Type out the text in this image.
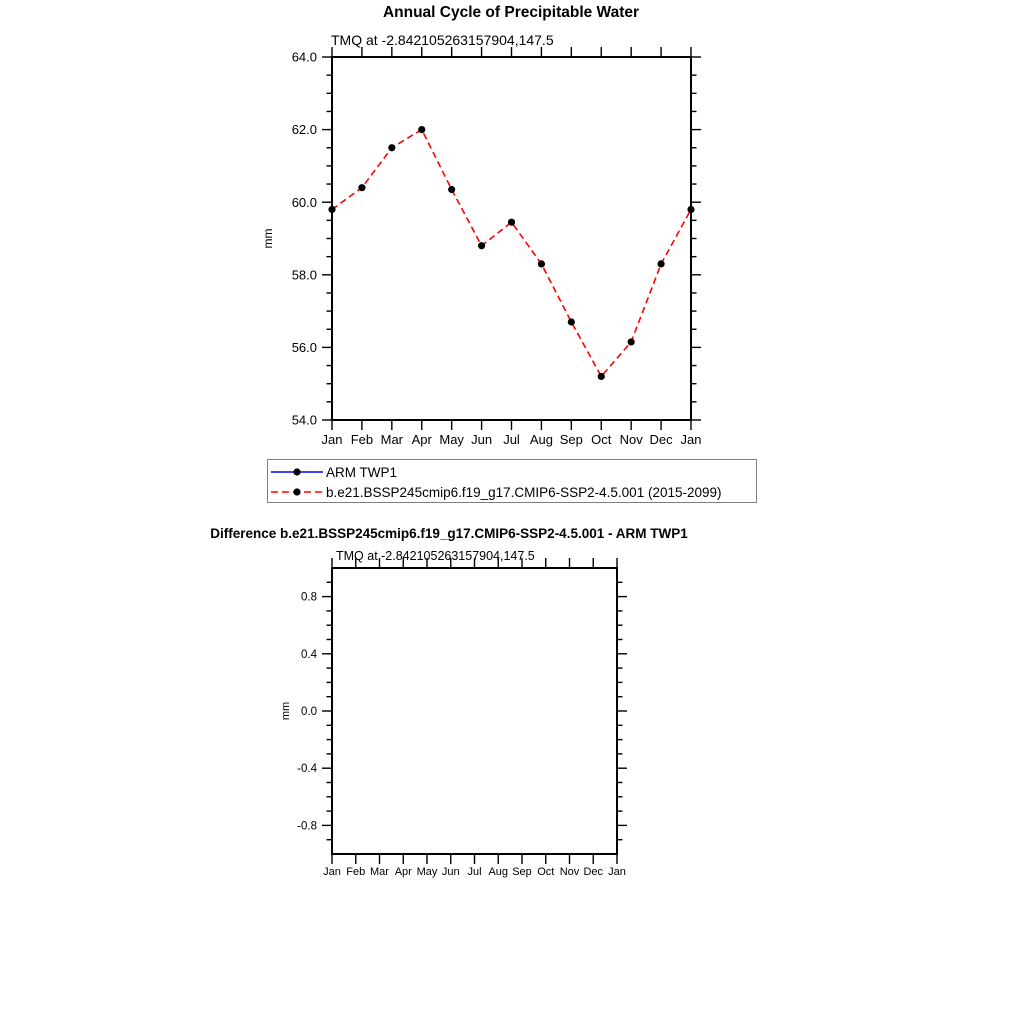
Annual Cycle of Precipitable Water
TMQ at -2.842105263157904,147.5
Jan Feb Mar Apr May Jun Jul Aug Sep Oct Nov Dec Jan
54.0
56.0
58.0
60.0
62.0
64.0
mm
ARM TWP1
b.e21.BSSP245cmip6.f19_g17.CMIP6-SSP2-4.5.001 (2015-2099)
Difference b.e21.BSSP245cmip6.f19_g17.CMIP6-SSP2-4.5.001 - ARM TWP1
TMQ at -2.842105263157904,147.5
Jan Feb Mar Apr May Jun Jul Aug Sep Oct Nov Dec Jan
-0.8
-0.4
0.0
0.4
0.8
mm
